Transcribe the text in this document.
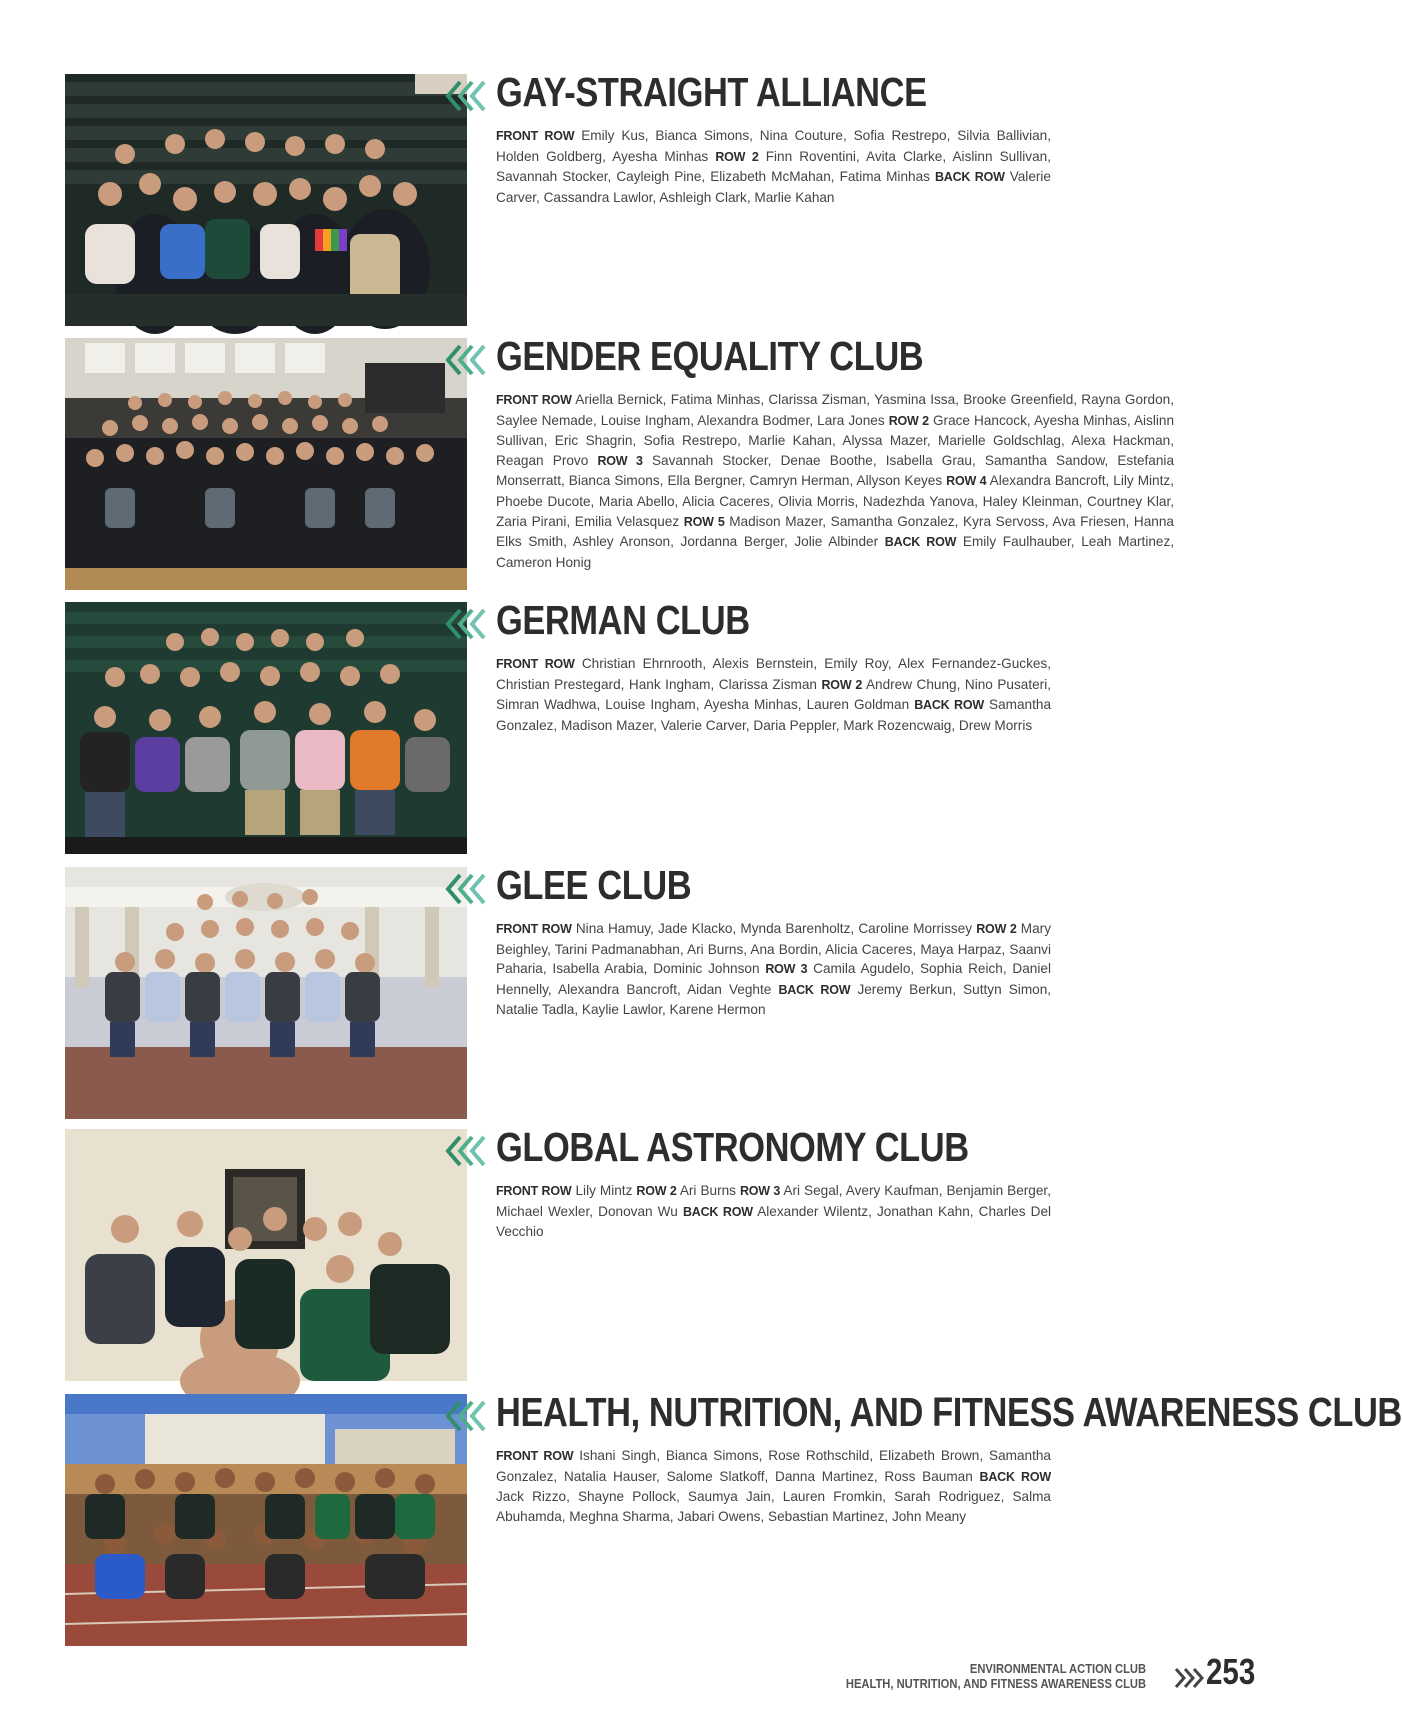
GAY-STRAIGHT ALLIANCE

FRONT ROW Emily Kus, Bianca Simons, Nina Couture, Sofia Restrepo, Silvia Ballivian, Holden Goldberg, Ayesha Minhas ROW 2 Finn Roventini, Avita Clarke, Aislinn Sullivan, Savannah Stocker, Cayleigh Pine, Elizabeth McMahan, Fatima Minhas BACK ROW Valerie Carver, Cassandra Lawlor, Ashleigh Clark, Marlie Kahan

GENDER EQUALITY CLUB

FRONT ROW Ariella Bernick, Fatima Minhas, Clarissa Zisman, Yasmina Issa, Brooke Greenfield, Rayna Gordon, Saylee Nemade, Louise Ingham, Alexandra Bodmer, Lara Jones ROW 2 Grace Hancock, Ayesha Minhas, Aislinn Sullivan, Eric Shagrin, Sofia Restrepo, Marlie Kahan, Alyssa Mazer, Marielle Goldschlag, Alexa Hackman, Reagan Provo ROW 3 Savannah Stocker, Denae Boothe, Isabella Grau, Samantha Sandow, Estefania Monserratt, Bianca Simons, Ella Bergner, Camryn Herman, Allyson Keyes ROW 4 Alexandra Bancroft, Lily Mintz, Phoebe Ducote, Maria Abello, Alicia Caceres, Olivia Morris, Nadezhda Yanova, Haley Kleinman, Courtney Klar, Zaria Pirani, Emilia Velasquez ROW 5 Madison Mazer, Samantha Gonzalez, Kyra Servoss, Ava Friesen, Hanna Elks Smith, Ashley Aronson, Jordanna Berger, Jolie Albinder BACK ROW Emily Faulhauber, Leah Martinez, Cameron Honig

GERMAN CLUB

FRONT ROW Christian Ehrnrooth, Alexis Bernstein, Emily Roy, Alex Fernandez-Guckes, Christian Prestegard, Hank Ingham, Clarissa Zisman ROW 2 Andrew Chung, Nino Pusateri, Simran Wadhwa, Louise Ingham, Ayesha Minhas, Lauren Goldman BACK ROW Samantha Gonzalez, Madison Mazer, Valerie Carver, Daria Peppler, Mark Rozencwaig, Drew Morris

GLEE CLUB

FRONT ROW Nina Hamuy, Jade Klacko, Mynda Barenholtz, Caroline Morrissey ROW 2 Mary Beighley, Tarini Padmanabhan, Ari Burns, Ana Bordin, Alicia Caceres, Maya Harpaz, Saanvi Paharia, Isabella Arabia, Dominic Johnson ROW 3 Camila Agudelo, Sophia Reich, Daniel Hennelly, Alexandra Bancroft, Aidan Veghte BACK ROW Jeremy Berkun, Suttyn Simon, Natalie Tadla, Kaylie Lawlor, Karene Hermon

GLOBAL ASTRONOMY CLUB

FRONT ROW Lily Mintz ROW 2 Ari Burns ROW 3 Ari Segal, Avery Kaufman, Benjamin Berger, Michael Wexler, Donovan Wu BACK ROW Alexander Wilentz, Jonathan Kahn, Charles Del Vecchio

HEALTH, NUTRITION, AND FITNESS AWARENESS CLUB

FRONT ROW Ishani Singh, Bianca Simons, Rose Rothschild, Elizabeth Brown, Samantha Gonzalez, Natalia Hauser, Salome Slatkoff, Danna Martinez, Ross Bauman BACK ROW Jack Rizzo, Shayne Pollock, Saumya Jain, Lauren Fromkin, Sarah Rodriguez, Salma Abuhamda, Meghna Sharma, Jabari Owens, Sebastian Martinez, John Meany

ENVIRONMENTAL ACTION CLUB
HEALTH, NUTRITION, AND FITNESS AWARENESS CLUB 253
